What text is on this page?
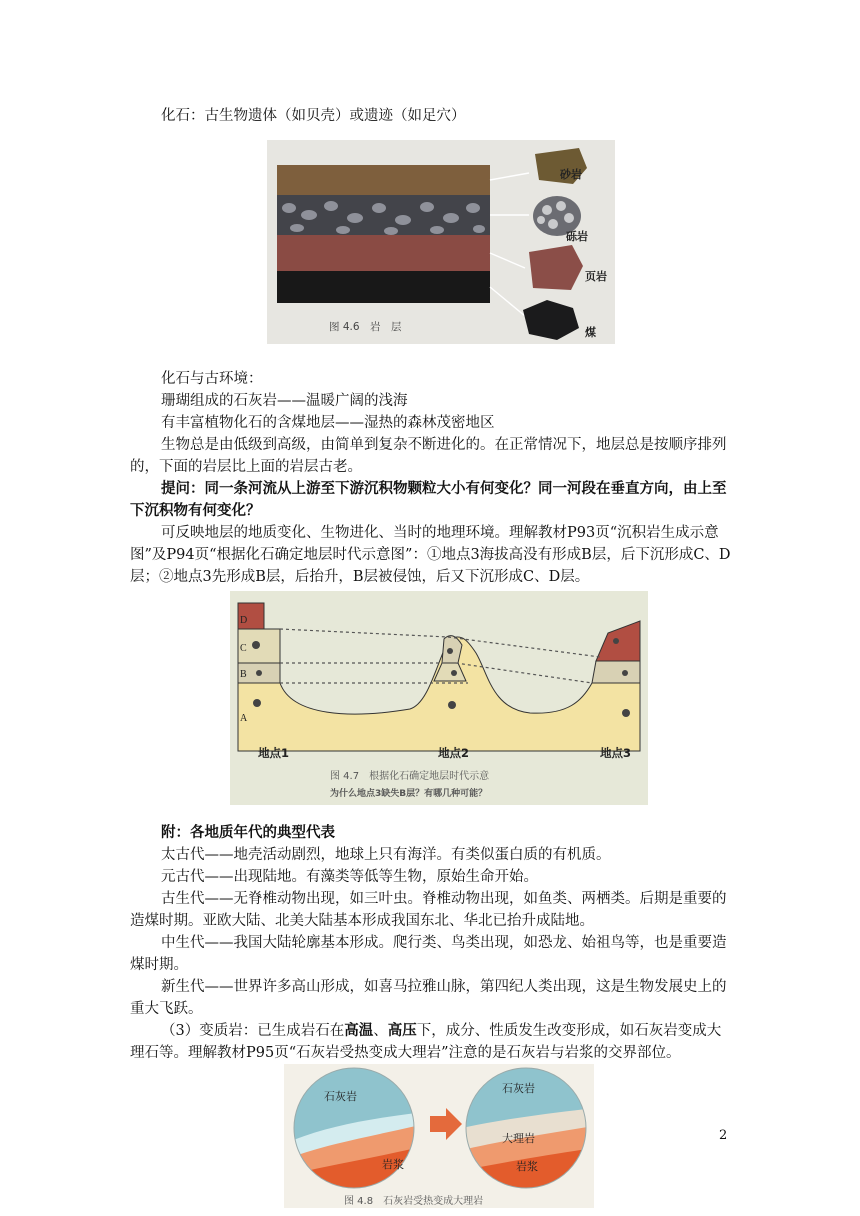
化石：古生物遗体（如贝壳）或遗迹（如足穴）

砂岩
砾岩
页岩
煤
图 4.6　岩　层

化石与古环境：

珊瑚组成的石灰岩——温暖广阔的浅海

有丰富植物化石的含煤地层——湿热的森林茂密地区

生物总是由低级到高级，由简单到复杂不断进化的。在正常情况下，地层总是按顺序排列的，下面的岩层比上面的岩层古老。

提问：同一条河流从上游至下游沉积物颗粒大小有何变化？同一河段在垂直方向，由上至下沉积物有何变化？

可反映地层的地质变化、生物进化、当时的地理环境。理解教材P93页“沉积岩生成示意图”及P94页“根据化石确定地层时代示意图”：①地点3海拔高没有形成B层，后下沉形成C、D层；②地点3先形成B层，后抬升，B层被侵蚀，后又下沉形成C、D层。

D
C
B
A
地点1	地点2	地点3
图 4.7　根据化石确定地层时代示意
为什么地点3缺失B层？有哪几种可能？

附：各地质年代的典型代表

太古代——地壳活动剧烈，地球上只有海洋。有类似蛋白质的有机质。

元古代——出现陆地。有藻类等低等生物，原始生命开始。

古生代——无脊椎动物出现，如三叶虫。脊椎动物出现，如鱼类、两栖类。后期是重要的造煤时期。亚欧大陆、北美大陆基本形成我国东北、华北已抬升成陆地。

中生代——我国大陆轮廓基本形成。爬行类、鸟类出现，如恐龙、始祖鸟等，也是重要造煤时期。

新生代——世界许多高山形成，如喜马拉雅山脉，第四纪人类出现，这是生物发展史上的重大飞跃。

（3）变质岩：已生成岩石在高温、高压下，成分、性质发生改变形成，如石灰岩变成大理石等。理解教材P95页“石灰岩受热变成大理岩”注意的是石灰岩与岩浆的交界部位。

石灰岩
岩浆
石灰岩
大理岩
岩浆
图 4.8　石灰岩受热变成大理岩
2
